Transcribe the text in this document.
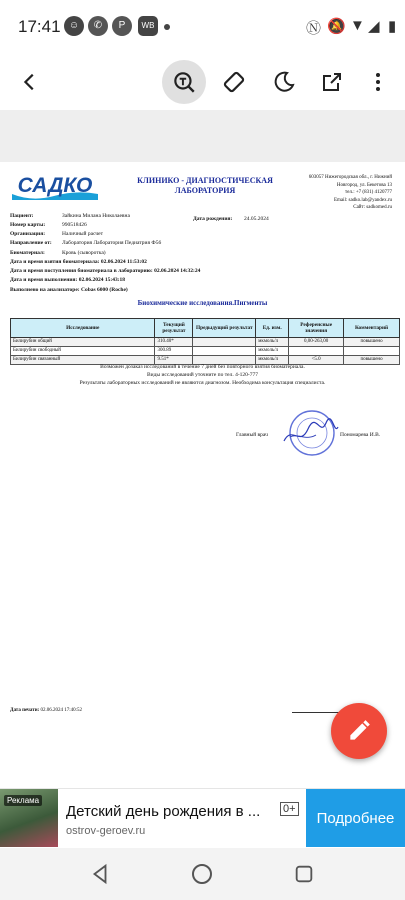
17:41 ☺	✆	P	WB	Ⓝ 🔕 ▼ ◢ ▮
САДКО	КЛИНИКО - ДИАГНОСТИЧЕСКАЯ
ЛАБОРАТОРИЯ
603057 Нижегородская обл., г. Нижний
Новгород, ул. Бекетова 13
тел.: +7 (831) 4120777
Email: sadko.lab@yandex.ru
Сайт: sadkomed.ru
Пациент:	Зайкина Милана Николаевна	Дата рождения: 24.05.2024
Номер карты:	990518426
Организация:	Наличный расчет
Направление от: Лаборатория Лаборатория Педиатрия Ф56
Биоматериал:	Кровь (сыворотка)
Дата и время взятия биоматериала: 02.06.2024 11:53:02
Дата и время поступления биоматериала в лабораторию: 02.06.2024 14:32:24
Дата и время выполнения: 02.06.2024 15:43:18
Выполнено на анализаторе: Cobas 6000 (Roche)
Биохимические исследования.Пигменты
Исследование	Текущий результат	Предыдущий результат	Ед. изм.	Референсные значения	Комментарий
Билирубин общий	310.40*		мкмоль/л	0,00-263,00	повышено
Билирубин свободный	300.89		мкмоль/л		
Билирубин связанный	9.51*		мкмоль/л	<5.0	повышено
Возможен дозаказ исследований в течение 7 дней без повторного взятия биоматериала.
Виды исследований уточните по тел. 4-120-777
Результаты лабораторных исследований не являются диагнозом. Необходима консультация специалиста.
Главный врач	Пономарева И.В.
Дата печати: 02.06.2024 17:40:52
Реклама
Детский день рождения в ...	0+
ostrov-geroev.ru
Подробнее
